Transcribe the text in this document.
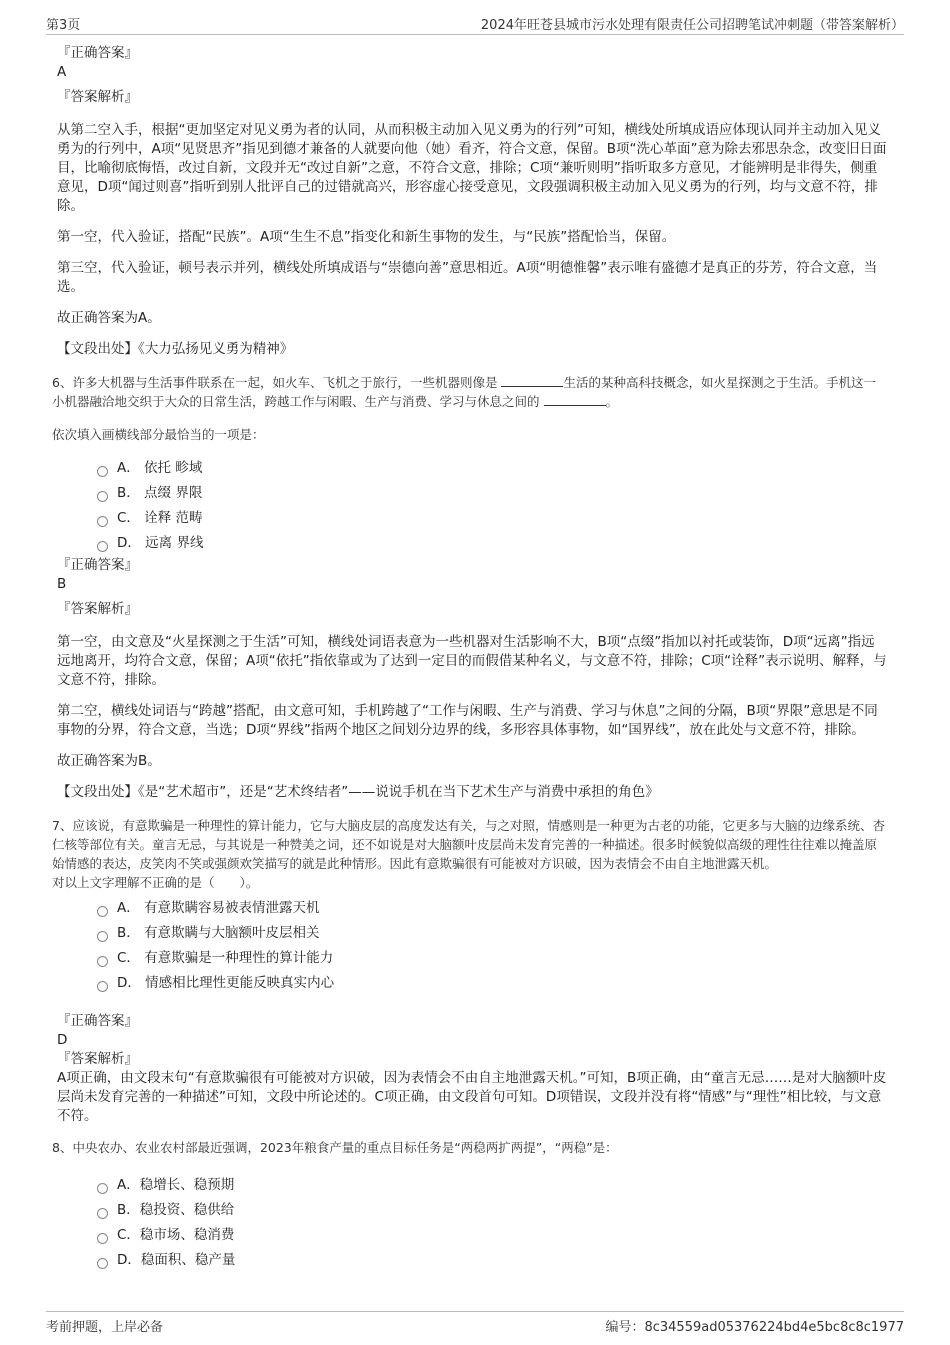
第3页	2024年旺苍县城市污水处理有限责任公司招聘笔试冲刺题（带答案解析）

『正确答案』

A

『答案解析』

从第二空入手，根据“更加坚定对见义勇为者的认同，从而积极主动加入见义勇为的行列”可知，横线处所填成语应体现认同并主动加入见义勇为的行列中，A项“见贤思齐”指见到德才兼备的人就要向他（她）看齐，符合文意，保留。B项“洗心革面”意为除去邪思杂念，改变旧日面目，比喻彻底悔悟，改过自新，文段并无“改过自新”之意，不符合文意，排除；C项“兼听则明”指听取多方意见，才能辨明是非得失，侧重意见，D项“闻过则喜”指听到别人批评自己的过错就高兴，形容虚心接受意见，文段强调积极主动加入见义勇为的行列，均与文意不符，排除。

第一空，代入验证，搭配“民族”。A项“生生不息”指变化和新生事物的发生，与“民族”搭配恰当，保留。

第三空，代入验证，顿号表示并列，横线处所填成语与“崇德向善”意思相近。A项“明德惟馨”表示唯有盛德才是真正的芬芳，符合文意，当选。

故正确答案为A。

【文段出处】《大力弘扬见义勇为精神》

6、许多大机器与生活事件联系在一起，如火车、飞机之于旅行，一些机器则像是	生活的某种高科技概念，如火星探测之于生活。手机这一小机器融洽地交织于大众的日常生活，跨越工作与闲暇、生产与消费、学习与休息之间的	。

依次填入画横线部分最恰当的一项是：

A． 依托 畛域
B． 点缀 界限
C． 诠释 范畴
D． 远离 界线

『正确答案』

B

『答案解析』

第一空，由文意及“火星探测之于生活”可知，横线处词语表意为一些机器对生活影响不大，B项“点缀”指加以衬托或装饰，D项“远离”指远远地离开，均符合文意，保留；A项“依托”指依靠或为了达到一定目的而假借某种名义，与文意不符，排除；C项“诠释”表示说明、解释，与文意不符，排除。

第二空，横线处词语与“跨越”搭配，由文意可知，手机跨越了“工作与闲暇、生产与消费、学习与休息”之间的分隔，B项“界限”意思是不同事物的分界，符合文意，当选；D项“界线”指两个地区之间划分边界的线，多形容具体事物，如“国界线”，放在此处与文意不符，排除。

故正确答案为B。

【文段出处】《是“艺术超市”，还是“艺术终结者”——说说手机在当下艺术生产与消费中承担的角色》

7、应该说，有意欺骗是一种理性的算计能力，它与大脑皮层的高度发达有关，与之对照，情感则是一种更为古老的功能，它更多与大脑的边缘系统、杏仁核等部位有关。童言无忌，与其说是一种赞美之词，还不如说是对大脑额叶皮层尚未发育完善的一种描述。很多时候貌似高级的理性往往难以掩盖原始情感的表达，皮笑肉不笑或强颜欢笑描写的就是此种情形。因此有意欺骗很有可能被对方识破，因为表情会不由自主地泄露天机。

对以上文字理解不正确的是（　　）。

A． 有意欺瞒容易被表情泄露天机
B． 有意欺瞒与大脑额叶皮层相关
C． 有意欺骗是一种理性的算计能力
D． 情感相比理性更能反映真实内心

『正确答案』

D

『答案解析』

A项正确，由文段末句“有意欺骗很有可能被对方识破，因为表情会不由自主地泄露天机。”可知，B项正确，由“童言无忌……是对大脑额叶皮层尚未发育完善的一种描述”可知，文段中所论述的。C项正确，由文段首句可知。D项错误，文段并没有将“情感”与“理性”相比较，与文意不符。

8、中央农办、农业农村部最近强调，2023年粮食产量的重点目标任务是“两稳两扩两提”，“两稳”是：

A．稳增长、稳预期
B．稳投资、稳供给
C．稳市场、稳消费
D．稳面积、稳产量
考前押题，上岸必备	编号：8c34559ad05376224bd4e5bc8c8c1977
